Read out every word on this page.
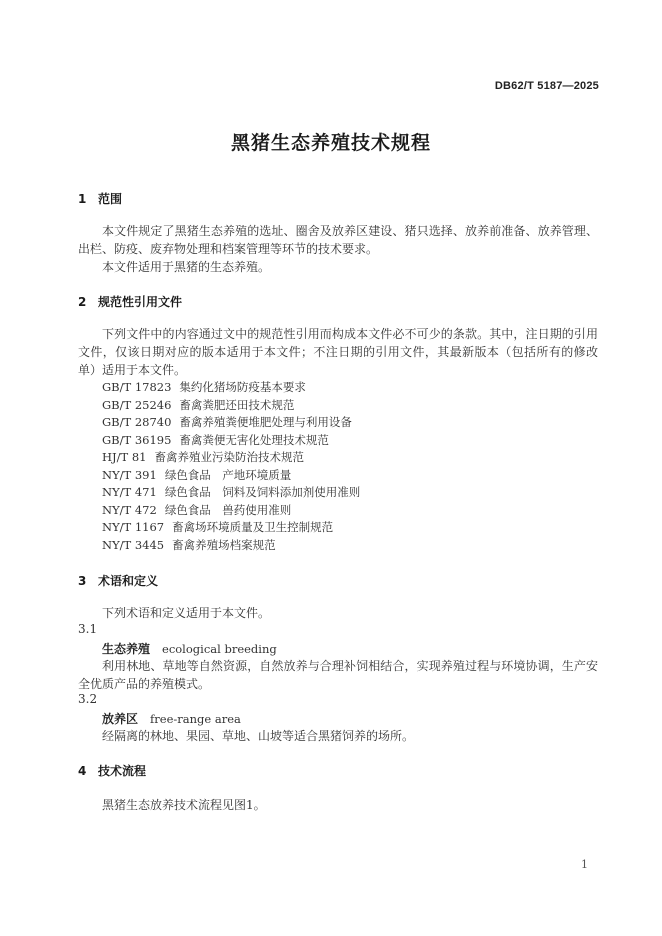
DB62/T 5187—2025
黑猪生态养殖技术规程
1 范围
本文件规定了黑猪生态养殖的选址、圈舍及放养区建设、猪只选择、放养前准备、放养管理、出栏、防疫、废弃物处理和档案管理等环节的技术要求。
本文件适用于黑猪的生态养殖。
2 规范性引用文件
下列文件中的内容通过文中的规范性引用而构成本文件必不可少的条款。其中，注日期的引用文件，仅该日期对应的版本适用于本文件；不注日期的引用文件，其最新版本（包括所有的修改单）适用于本文件。
GB/T 17823 集约化猪场防疫基本要求
GB/T 25246 畜禽粪肥还田技术规范
GB/T 28740 畜禽养殖粪便堆肥处理与利用设备
GB/T 36195 畜禽粪便无害化处理技术规范
HJ/T 81 畜禽养殖业污染防治技术规范
NY/T 391 绿色食品　产地环境质量
NY/T 471 绿色食品　饲料及饲料添加剂使用准则
NY/T 472 绿色食品　兽药使用准则
NY/T 1167 畜禽场环境质量及卫生控制规范
NY/T 3445 畜禽养殖场档案规范
3 术语和定义
下列术语和定义适用于本文件。
3.1
生态养殖 ecological breeding
利用林地、草地等自然资源，自然放养与合理补饲相结合，实现养殖过程与环境协调，生产安全优质产品的养殖模式。
3.2
放养区 free-range area
经隔离的林地、果园、草地、山坡等适合黑猪饲养的场所。
4 技术流程
黑猪生态放养技术流程见图1。
1
